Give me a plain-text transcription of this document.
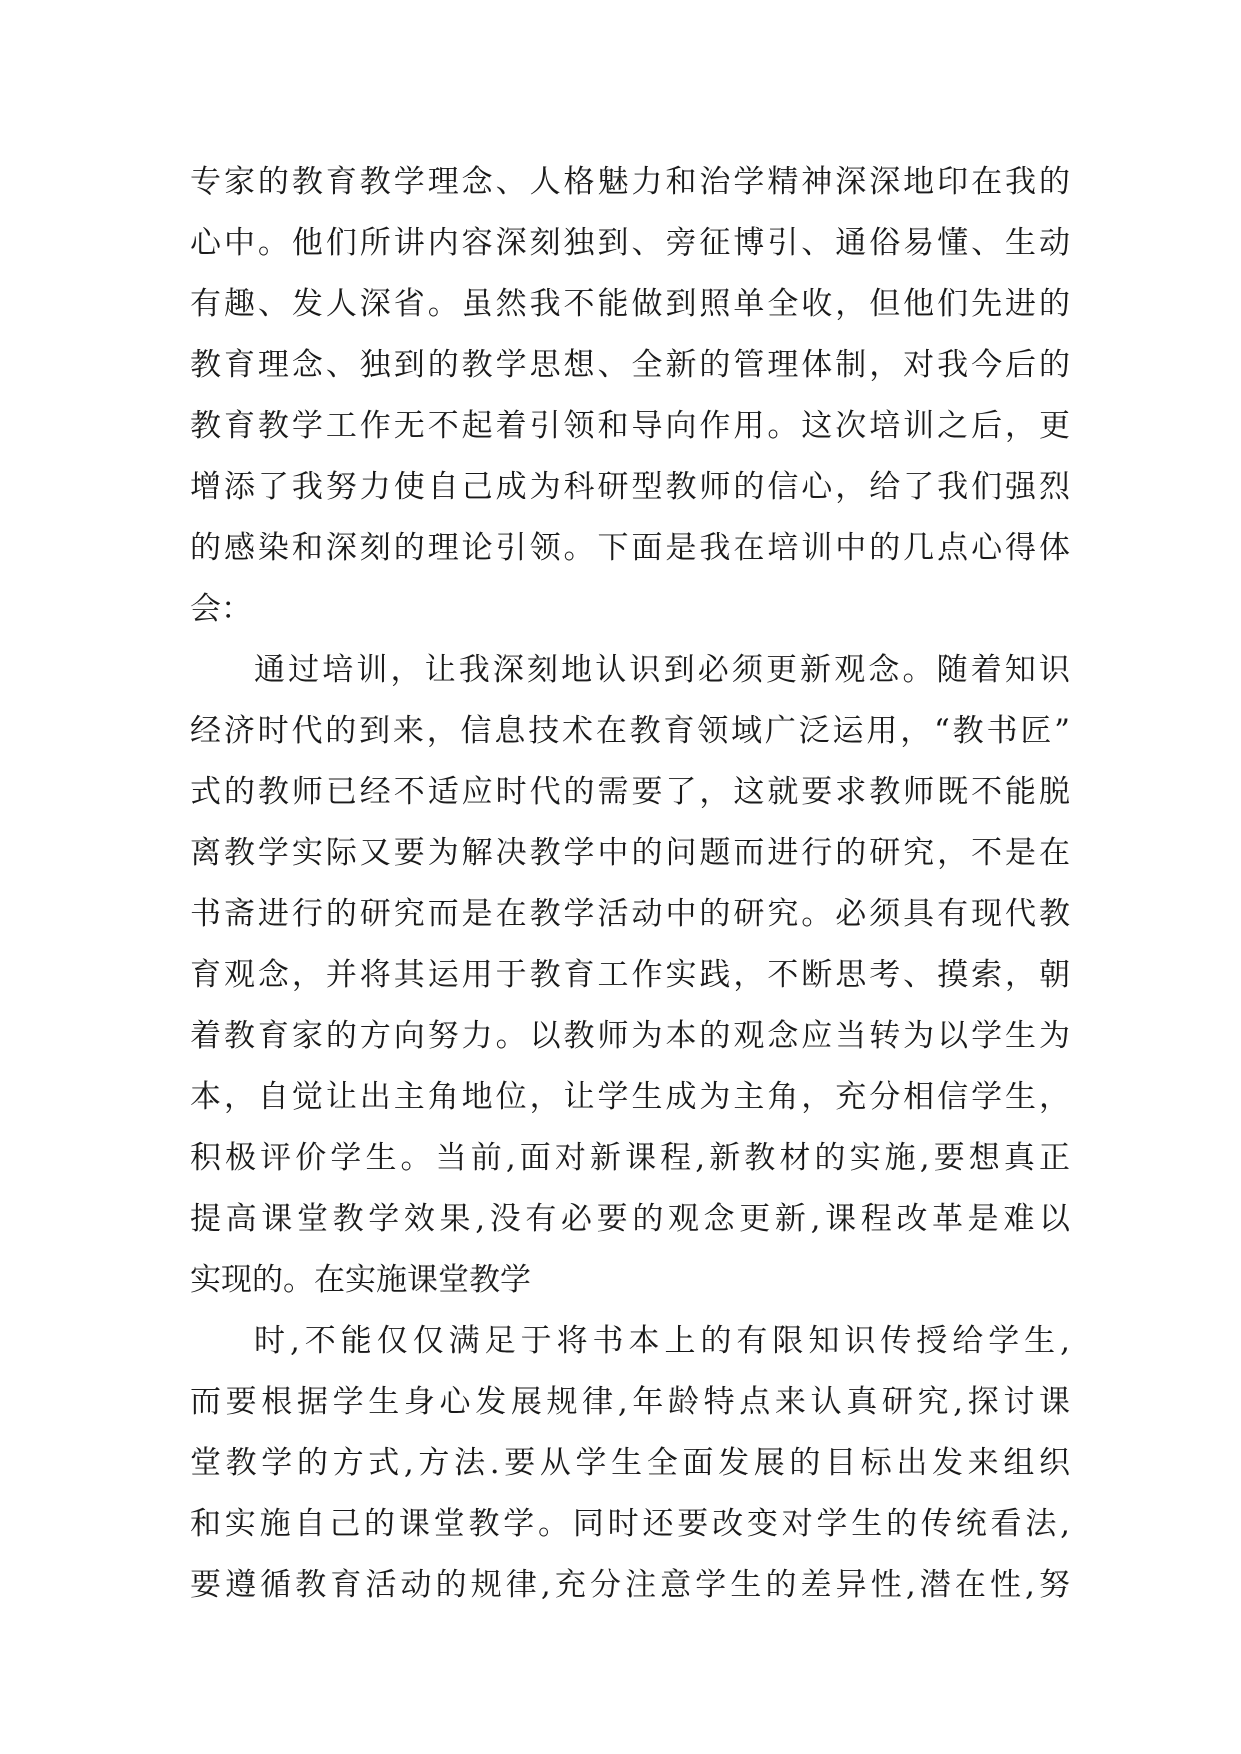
专家的教育教学理念、人格魅力和治学精神深深地印在我的
心中。他们所讲内容深刻独到、旁征博引、通俗易懂、生动
有趣、发人深省。虽然我不能做到照单全收，但他们先进的
教育理念、独到的教学思想、全新的管理体制，对我今后的
教育教学工作无不起着引领和导向作用。这次培训之后，更
增添了我努力使自己成为科研型教师的信心，给了我们强烈
的感染和深刻的理论引领。下面是我在培训中的几点心得体
会：
通过培训，让我深刻地认识到必须更新观念。随着知识
经济时代的到来，信息技术在教育领域广泛运用，“教书匠”
式的教师已经不适应时代的需要了，这就要求教师既不能脱
离教学实际又要为解决教学中的问题而进行的研究，不是在
书斋进行的研究而是在教学活动中的研究。必须具有现代教
育观念，并将其运用于教育工作实践，不断思考、摸索，朝
着教育家的方向努力。以教师为本的观念应当转为以学生为
本，自觉让出主角地位，让学生成为主角，充分相信学生，
积极评价学生。当前,面对新课程,新教材的实施,要想真正
提高课堂教学效果,没有必要的观念更新,课程改革是难以
实现的。在实施课堂教学
时,不能仅仅满足于将书本上的有限知识传授给学生,
而要根据学生身心发展规律,年龄特点来认真研究,探讨课
堂教学的方式,方法.要从学生全面发展的目标出发来组织
和实施自己的课堂教学。同时还要改变对学生的传统看法,
要遵循教育活动的规律,充分注意学生的差异性,潜在性,努
